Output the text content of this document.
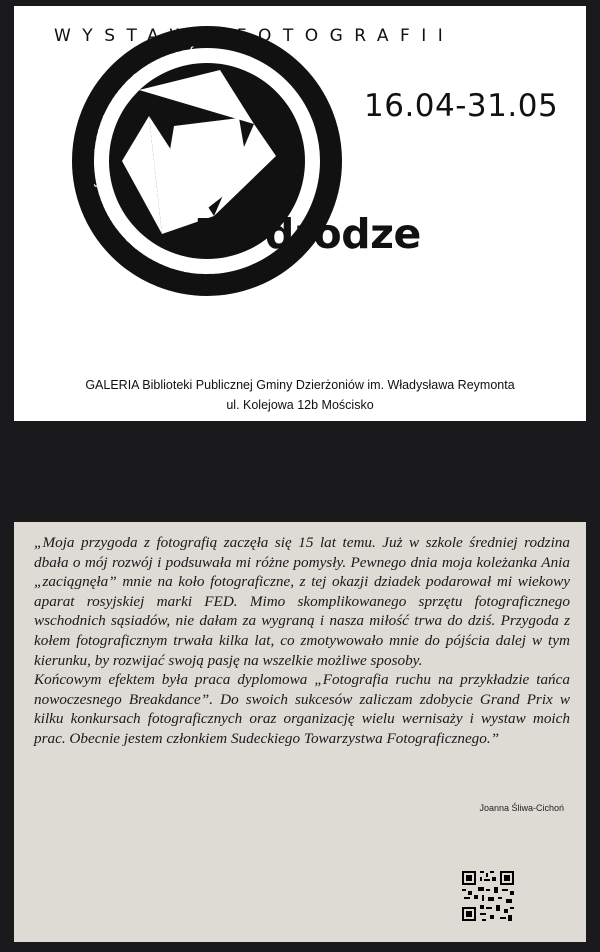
WYSTAWA FOTOGRAFII
16.04-31.05
JOANNA ŚLIWA-CICHOŃ * JOANNA ŚLIWA-CICHOŃ *
Po drodze
GALERIA Biblioteki Publicznej Gminy Dzierżoniów im. Władysława Reymonta
ul. Kolejowa 12b Mościsko

„Moja przygoda z fotografią zaczęła się 15 lat temu. Już w szkole średniej rodzina dbała o mój rozwój i podsuwała mi różne pomysły. Pewnego dnia moja koleżanka Ania „zaciągnęła” mnie na koło fotograficzne, z tej okazji dziadek podarował mi wiekowy aparat rosyjskiej marki FED. Mimo skomplikowanego sprzętu fotograficznego wschodnich sąsiadów, nie dałam za wygraną i nasza miłość trwa do dziś. Przygoda z kołem fotograficznym trwała kilka lat, co zmotywowało mnie do pójścia dalej w tym kierunku, by rozwijać swoją pasję na wszelkie możliwe sposoby.

Końcowym efektem była praca dyplomowa „Fotografia ruchu na przykładzie tańca nowoczesnego Breakdance”. Do swoich sukcesów zaliczam zdobycie Grand Prix w kilku konkursach fotograficznych oraz organizację wielu wernisaży i wystaw moich prac. Obecnie jestem członkiem Sudeckiego Towarzystwa Fotograficznego.”

Joanna Śliwa-Cichoń
